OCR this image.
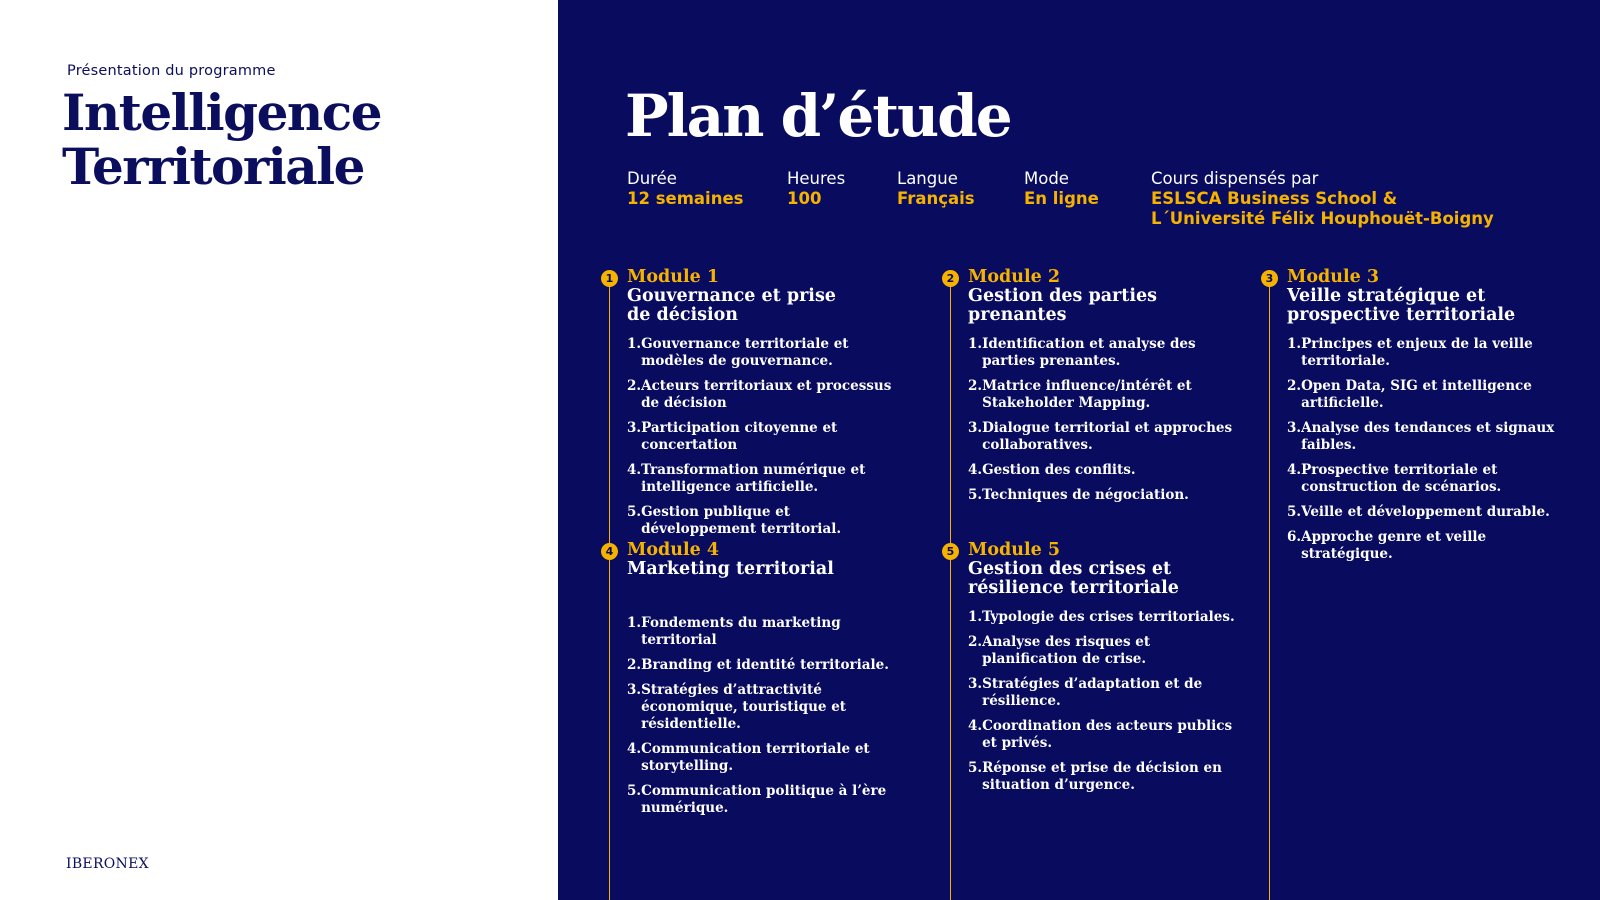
Présentation du programme
Intelligence
Territoriale
IBERONEX
Plan d’étude
Durée
12 semaines
Heures
100
Langue
Français
Mode
En ligne
Cours dispensés par
ESLSCA Business School &
L´Université Félix Houphouët-Boigny
1	2	3
4	5
Module 1
Gouvernance et prise
de décision
1. Gouvernance territoriale et modèles de gouvernance.
2. Acteurs territoriaux et processus de décision
3. Participation citoyenne et concertation
4. Transformation numérique et intelligence artificielle.
5. Gestion publique et développement territorial.
Module 2
Gestion des parties
prenantes
1. Identification et analyse des parties prenantes.
2. Matrice influence/intérêt et Stakeholder Mapping.
3. Dialogue territorial et approches collaboratives.
4. Gestion des conflits.
5. Techniques de négociation.
Module 3
Veille stratégique et
prospective territoriale
1. Principes et enjeux de la veille territoriale.
2. Open Data, SIG et intelligence artificielle.
3. Analyse des tendances et signaux faibles.
4. Prospective territoriale et construction de scénarios.
5. Veille et développement durable.
6. Approche genre et veille stratégique.
Module 4
Marketing territorial
1. Fondements du marketing territorial
2. Branding et identité territoriale.
3. Stratégies d’attractivité économique, touristique et résidentielle.
4. Communication territoriale et storytelling.
5. Communication politique à l’ère numérique.
Module 5
Gestion des crises et
résilience territoriale
1. Typologie des crises territoriales.
2. Analyse des risques et planification de crise.
3. Stratégies d’adaptation et de résilience.
4. Coordination des acteurs publics et privés.
5. Réponse et prise de décision en situation d’urgence.
